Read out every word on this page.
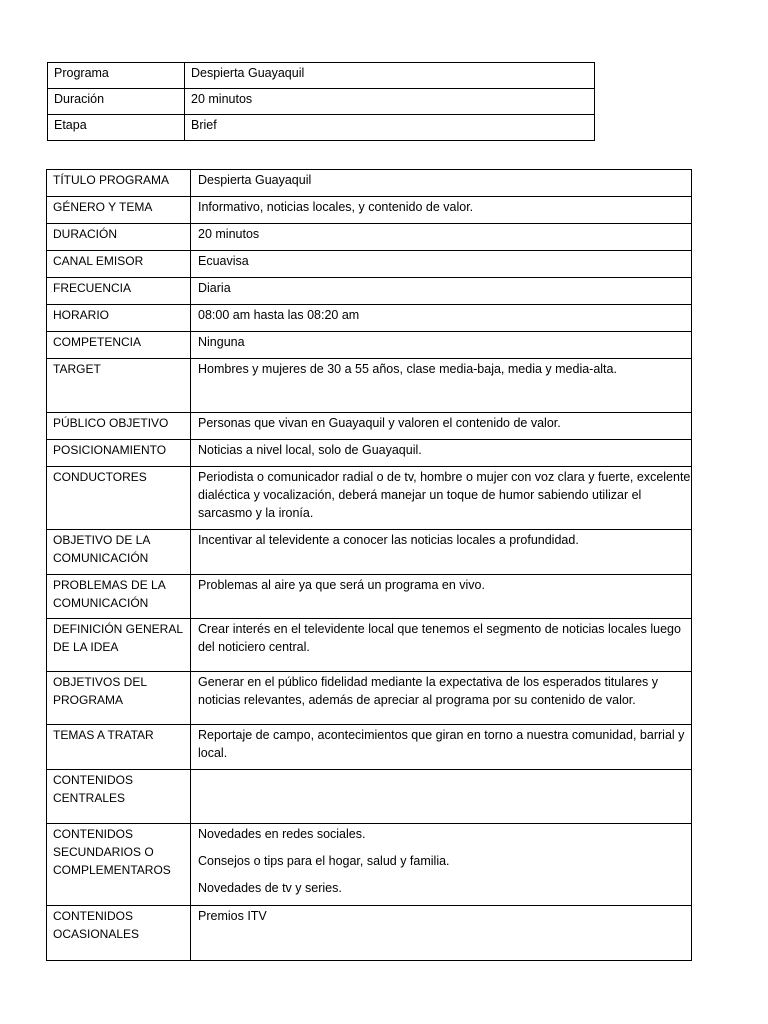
Programa	Despierta Guayaquil
Duración	20 minutos
Etapa	Brief
TÍTULO PROGRAMA	Despierta Guayaquil
GÉNERO Y TEMA	Informativo, noticias locales, y contenido de valor.
DURACIÓN	20 minutos
CANAL EMISOR	Ecuavisa
FRECUENCIA	Diaria
HORARIO	08:00 am hasta las 08:20 am
COMPETENCIA	Ninguna
TARGET	Hombres y mujeres de 30 a 55 años, clase media-baja, media y media-alta.
PÚBLICO OBJETIVO	Personas que vivan en Guayaquil y valoren el contenido de valor.
POSICIONAMIENTO	Noticias a nivel local, solo de Guayaquil.
CONDUCTORES	Periodista o comunicador radial o de tv, hombre o mujer con voz clara y fuerte, excelente dialéctica y vocalización, deberá manejar un toque de humor sabiendo utilizar el sarcasmo y la ironía.
OBJETIVO DE LA COMUNICACIÓN	Incentivar al televidente a conocer las noticias locales a profundidad.
PROBLEMAS DE LA COMUNICACIÓN	Problemas al aire ya que será un programa en vivo.
DEFINICIÓN GENERAL DE LA IDEA	Crear interés en el televidente local que tenemos el segmento de noticias locales luego del noticiero central.
OBJETIVOS DEL PROGRAMA	Generar en el público fidelidad mediante la expectativa de los esperados titulares y noticias relevantes, además de apreciar al programa por su contenido de valor.
TEMAS A TRATAR	Reportaje de campo, acontecimientos que giran en torno a nuestra comunidad, barrial y local.
CONTENIDOS CENTRALES	
CONTENIDOS SECUNDARIOS O COMPLEMENTAROS	Novedades en redes sociales.
Consejos o tips para el hogar, salud y familia.
Novedades de tv y series.

CONTENIDOS OCASIONALES	Premios ITV
